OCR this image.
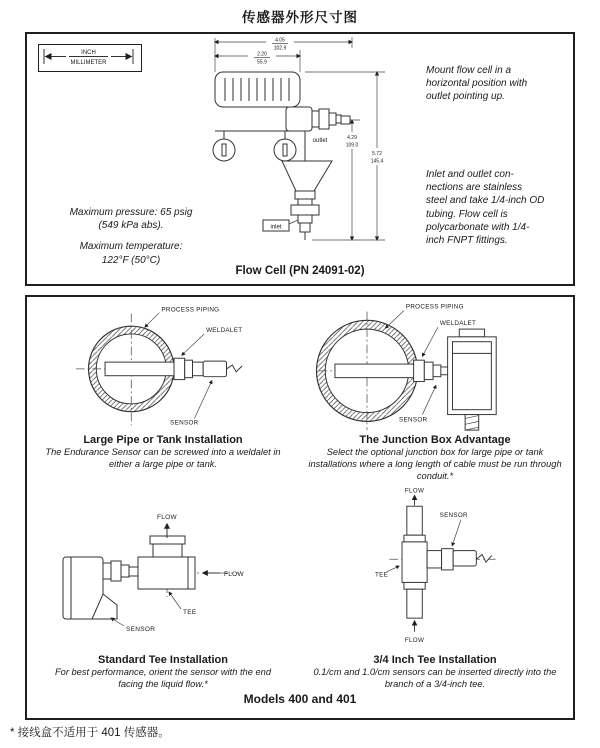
传感器外形尺寸图
INCH
MILLIMETER
Maximum pressure: 65 psig
(549 kPa abs).
Maximum temperature:
122°F (50°C)
Mount flow cell in a horizontal position with outlet pointing up.
Inlet and outlet con-nections are stainless steel and take 1/4-inch OD tubing. Flow cell is polycarbonate with 1/4-inch FNPT fittings.
4.05
102.9
2.20
55.9
4.29
109.0
5.72
145.4
outlet
inlet
Flow Cell (PN 24091-02)
PROCESS PIPING
WELDALET
SENSOR
PROCESS PIPING
WELDALET
SENSOR
Large Pipe or Tank Installation
The Endurance Sensor can be screwed into a weldalet in either a large pipe or tank.
The Junction Box Advantage
Select the optional junction box for large pipe or tank installations where a long length of cable must be run through conduit.*
FLOW
FLOW
TEE
SENSOR
FLOW
FLOW
SENSOR
TEE
Standard Tee Installation
For best performance, orient the sensor with the end facing the liquid flow.*
3/4 Inch Tee Installation
0.1/cm and 1.0/cm sensors can be inserted directly into the branch of a 3/4-inch tee.
Models 400 and 401
* 接线盒不适用于 401 传感器。
